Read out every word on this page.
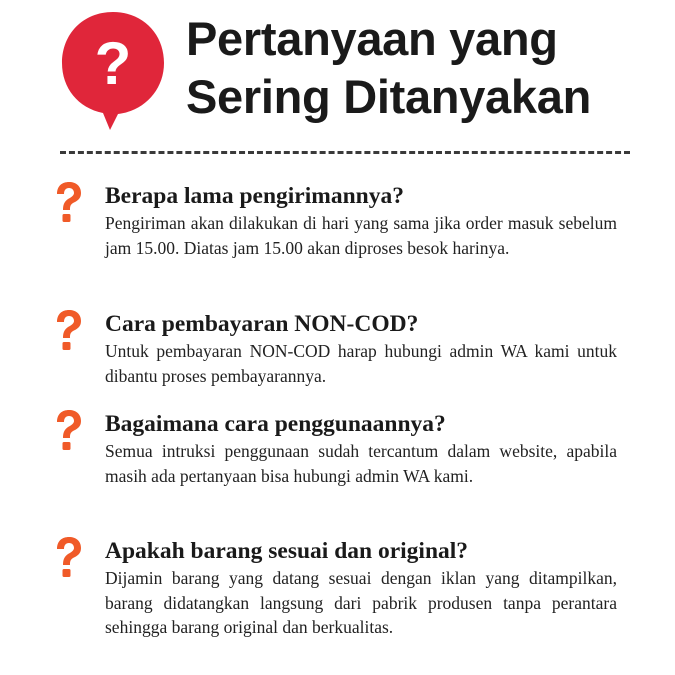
? Pertanyaan yang
Sering Ditanyakan

Berapa lama pengirimannya?

Pengiriman akan dilakukan di hari yang sama jika order masuk sebelum jam 15.00. Diatas jam 15.00 akan diproses besok harinya.

Cara pembayaran NON-COD?

Untuk pembayaran NON-COD harap hubungi admin WA kami untuk dibantu proses pembayarannya.

Bagaimana cara penggunaannya?

Semua intruksi penggunaan sudah tercantum dalam website, apabila masih ada pertanyaan bisa hubungi admin WA kami.

Apakah barang sesuai dan original?

Dijamin barang yang datang sesuai dengan iklan yang ditampilkan, barang didatangkan langsung dari pabrik produsen tanpa perantara sehingga barang original dan berkualitas.
